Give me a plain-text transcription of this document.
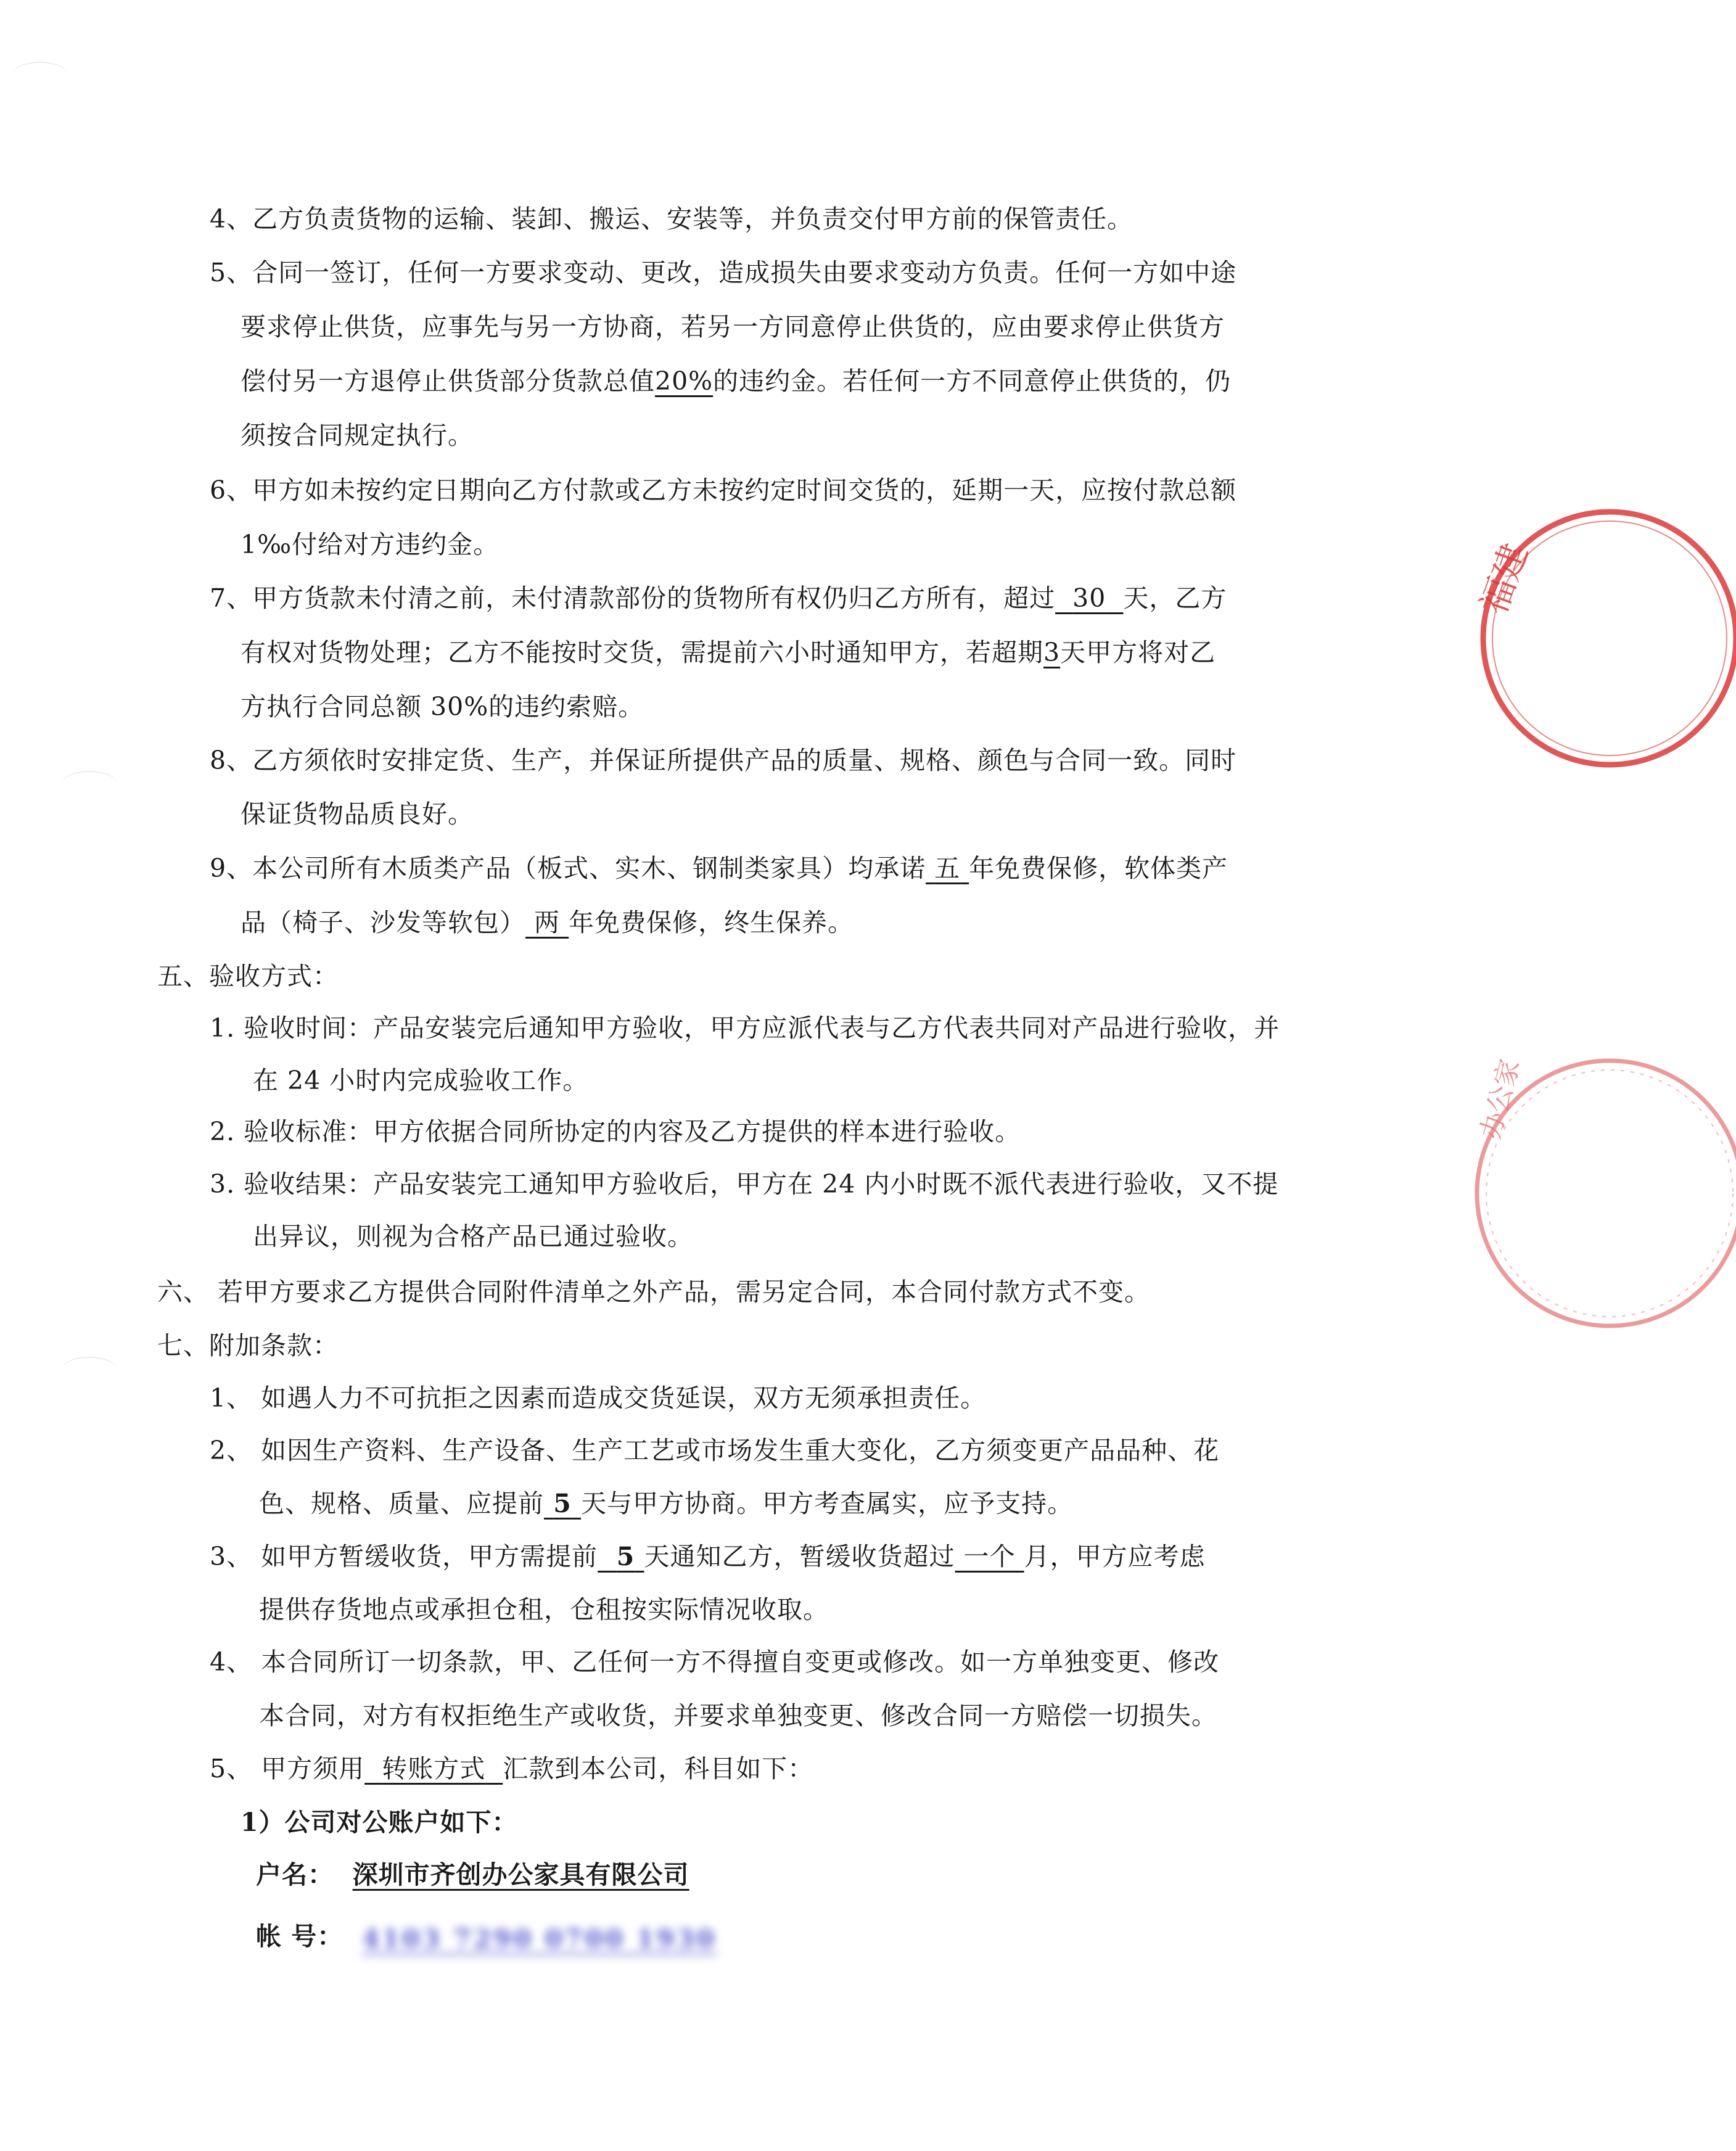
4、乙方负责货物的运输、装卸、搬运、安装等，并负责交付甲方前的保管责任。
5、合同一签订，任何一方要求变动、更改，造成损失由要求变动方负责。任何一方如中途
要求停止供货，应事先与另一方协商，若另一方同意停止供货的，应由要求停止供货方
偿付另一方退停止供货部分货款总值20%的违约金。若任何一方不同意停止供货的，仍
须按合同规定执行。
6、甲方如未按约定日期向乙方付款或乙方未按约定时间交货的，延期一天，应按付款总额
1‰付给对方违约金。
7、甲方货款未付清之前，未付清款部份的货物所有权仍归乙方所有，超过 30 天，乙方
有权对货物处理；乙方不能按时交货，需提前六小时通知甲方，若超期3天甲方将对乙
方执行合同总额 30%的违约索赔。
8、乙方须依时安排定货、生产，并保证所提供产品的质量、规格、颜色与合同一致。同时
保证货物品质良好。
9、本公司所有木质类产品（板式、实木、钢制类家具）均承诺 五 年免费保修，软体类产
品（椅子、沙发等软包） 两 年免费保修，终生保养。
五、验收方式：
1. 验收时间：产品安装完后通知甲方验收，甲方应派代表与乙方代表共同对产品进行验收，并
在 24 小时内完成验收工作。
2. 验收标准：甲方依据合同所协定的内容及乙方提供的样本进行验收。
3. 验收结果：产品安装完工通知甲方验收后，甲方在 24 内小时既不派代表进行验收，又不提
出异议，则视为合格产品已通过验收。
六、 若甲方要求乙方提供合同附件清单之外产品，需另定合同，本合同付款方式不变。
七、附加条款：
1、 如遇人力不可抗拒之因素而造成交货延误，双方无须承担责任。
2、 如因生产资料、生产设备、生产工艺或市场发生重大变化，乙方须变更产品品种、花
色、规格、质量、应提前 5 天与甲方协商。甲方考查属实，应予支持。
3、 如甲方暂缓收货，甲方需提前 5 天通知乙方，暂缓收货超过 一个 月，甲方应考虑
提供存货地点或承担仓租，仓租按实际情况收取。
4、 本合同所订一切条款，甲、乙任何一方不得擅自变更或修改。如一方单独变更、修改
本合同，对方有权拒绝生产或收货，并要求单独变更、修改合同一方赔偿一切损失。
5、 甲方须用 转账方式 汇款到本公司，科目如下：
1）公司对公账户如下：
户名： 深圳市齐创办公家具有限公司
帐 号： 4103 7290 0700 1930
福建
办公家
